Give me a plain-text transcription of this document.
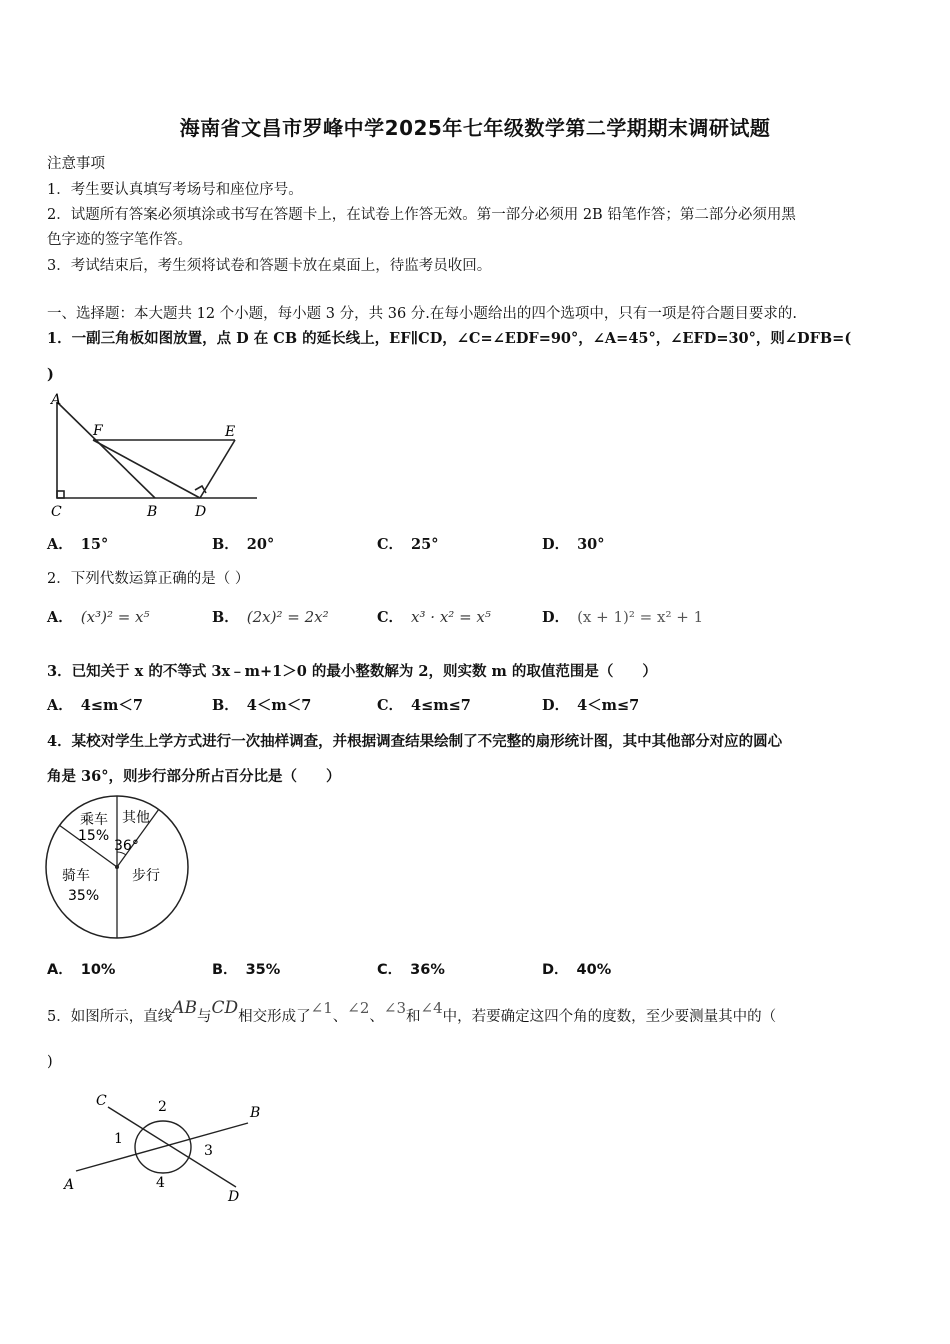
海南省文昌市罗峰中学2025年七年级数学第二学期期末调研试题
注意事项
1．考生要认真填写考场号和座位序号。
2．试题所有答案必须填涂或书写在答题卡上，在试卷上作答无效。第一部分必须用 2B 铅笔作答；第二部分必须用黑
色字迹的签字笔作答。
3．考试结束后，考生须将试卷和答题卡放在桌面上，待监考员收回。
一、选择题：本大题共 12 个小题，每小题 3 分，共 36 分.在每小题给出的四个选项中，只有一项是符合题目要求的.
1．一副三角板如图放置，点 D 在 CB 的延长线上，EF∥CD，∠C=∠EDF=90°，∠A=45°，∠EFD=30°，则∠DFB=(
)
A
F	E
C	B	D
A． 15°	B． 20°	C． 25°	D． 30°
2．下列代数运算正确的是（ ）
A． (x³)² = x⁵	B． (2x)² = 2x²	C． x³ · x² = x⁵	D． (x + 1)² = x² + 1
3．已知关于 x 的不等式 3x﹣m+1＞0 的最小整数解为 2，则实数 m 的取值范围是（　　）
A． 4≤m＜7	B． 4＜m＜7	C． 4≤m≤7	D． 4＜m≤7
4．某校对学生上学方式进行一次抽样调查，并根据调查结果绘制了不完整的扇形统计图，其中其他部分对应的圆心
角是 36°，则步行部分所占百分比是（　　）
乘车
15%
其他
36°
骑车
35%
步行
A． 10%	B． 35%	C． 36%	D． 40%
5．如图所示，直线AB与CD相交形成了∠1、∠2、∠3和∠4中，若要确定这四个角的度数，至少要测量其中的（
)
C
B
A
D
1
2
3
4
